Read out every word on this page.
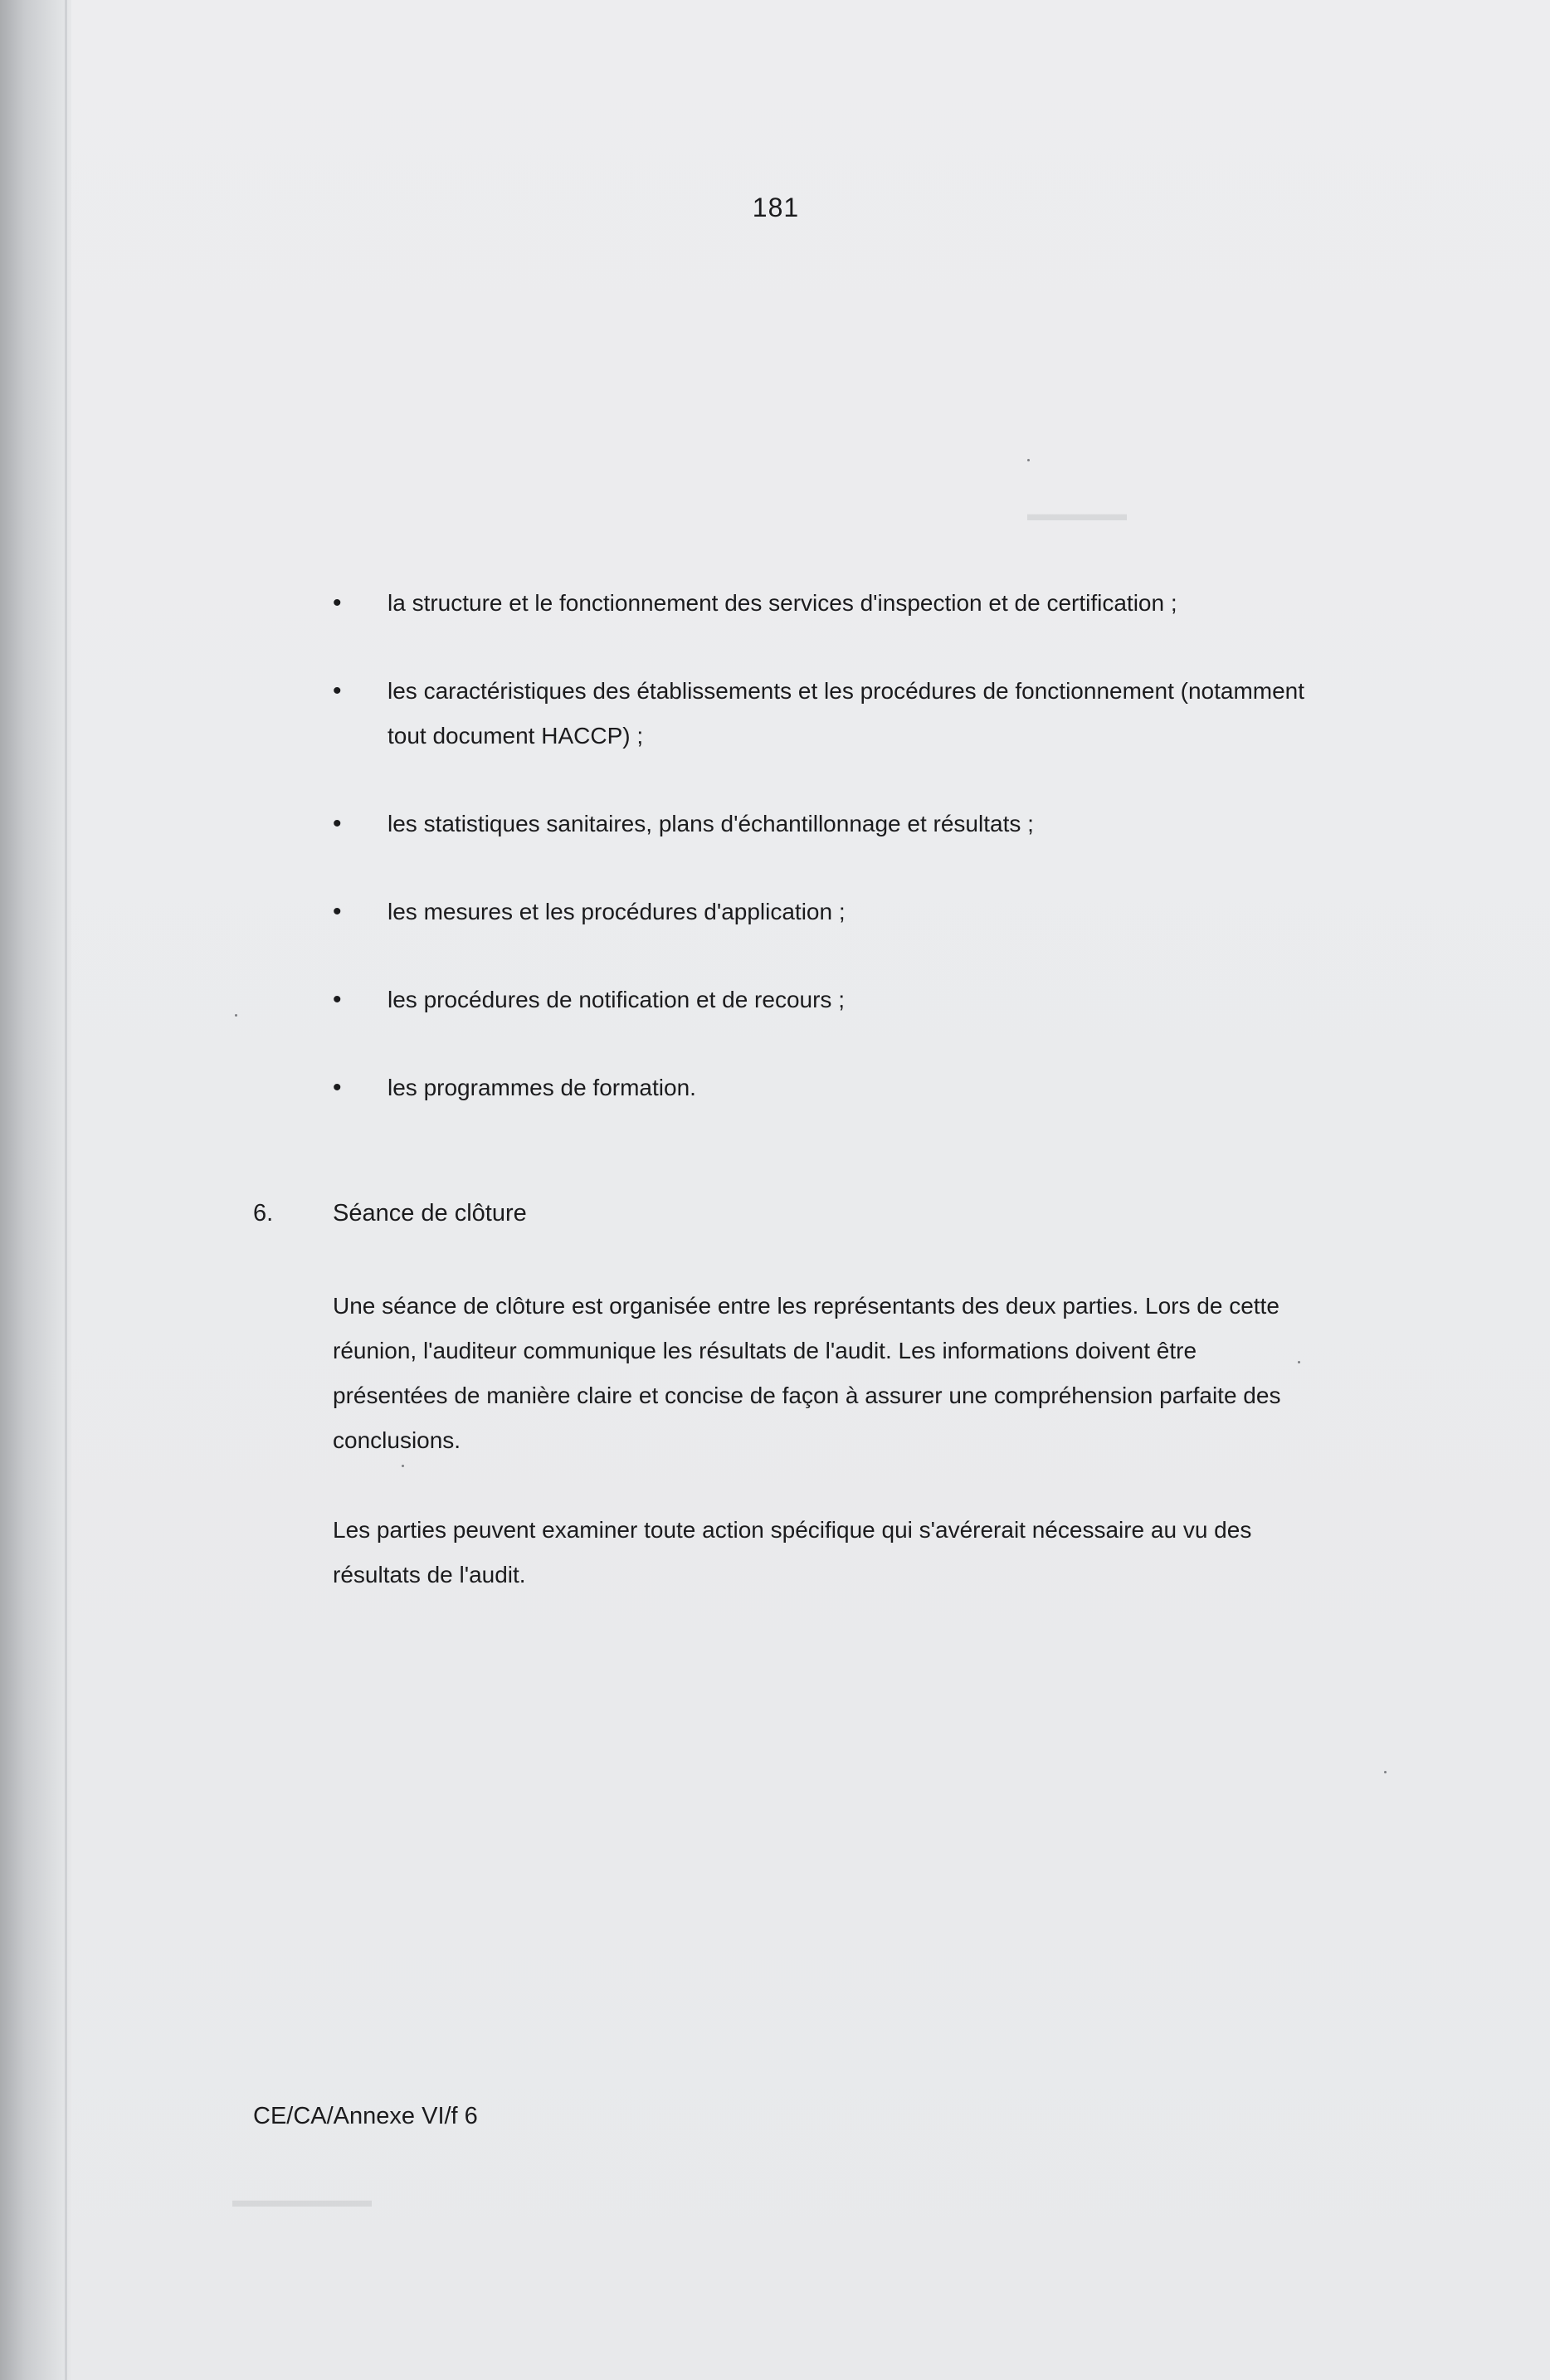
▬▬▬▬▬
▬▬▬▬▬▬▬
181
• la structure et le fonctionnement des services d'inspection et de certification ;
• les caractéristiques des établissements et les procédures de fonctionnement (notamment tout document HACCP) ;
• les statistiques sanitaires, plans d'échantillonnage et résultats ;
• les mesures et les procédures d'application ;
• les procédures de notification et de recours ;
• les programmes de formation.
6.	Séance de clôture

Une séance de clôture est organisée entre les représentants des deux parties. Lors de cette réunion, l'auditeur communique les résultats de l'audit. Les informations doivent être présentées de manière claire et concise de façon à assurer une compréhension parfaite des conclusions.

Les parties peuvent examiner toute action spécifique qui s'avérerait nécessaire au vu des résultats de l'audit.

CE/CA/Annexe VI/f 6
